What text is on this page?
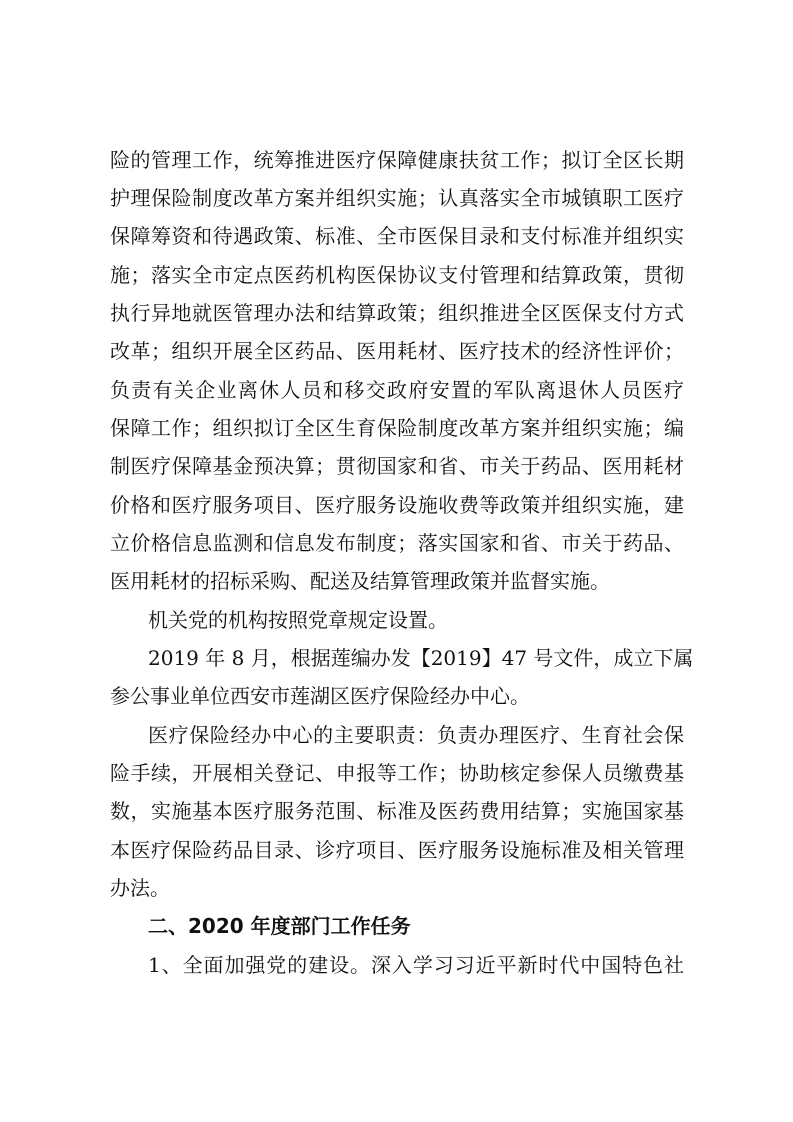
险的管理工作，统筹推进医疗保障健康扶贫工作；拟订全区长期
护理保险制度改革方案并组织实施；认真落实全市城镇职工医疗
保障筹资和待遇政策、标准、全市医保目录和支付标准并组织实
施；落实全市定点医药机构医保协议支付管理和结算政策，贯彻
执行异地就医管理办法和结算政策；组织推进全区医保支付方式
改革；组织开展全区药品、医用耗材、医疗技术的经济性评价；
负责有关企业离休人员和移交政府安置的军队离退休人员医疗
保障工作；组织拟订全区生育保险制度改革方案并组织实施；编
制医疗保障基金预决算；贯彻国家和省、市关于药品、医用耗材
价格和医疗服务项目、医疗服务设施收费等政策并组织实施，建
立价格信息监测和信息发布制度；落实国家和省、市关于药品、
医用耗材的招标采购、配送及结算管理政策并监督实施。
机关党的机构按照党章规定设置。
2019 年 8 月，根据莲编办发【2019】47 号文件，成立下属
参公事业单位西安市莲湖区医疗保险经办中心。
医疗保险经办中心的主要职责：负责办理医疗、生育社会保
险手续，开展相关登记、申报等工作；协助核定参保人员缴费基
数，实施基本医疗服务范围、标准及医药费用结算；实施国家基
本医疗保险药品目录、诊疗项目、医疗服务设施标准及相关管理
办法。
二、2020 年度部门工作任务
1、全面加强党的建设。深入学习习近平新时代中国特色社
